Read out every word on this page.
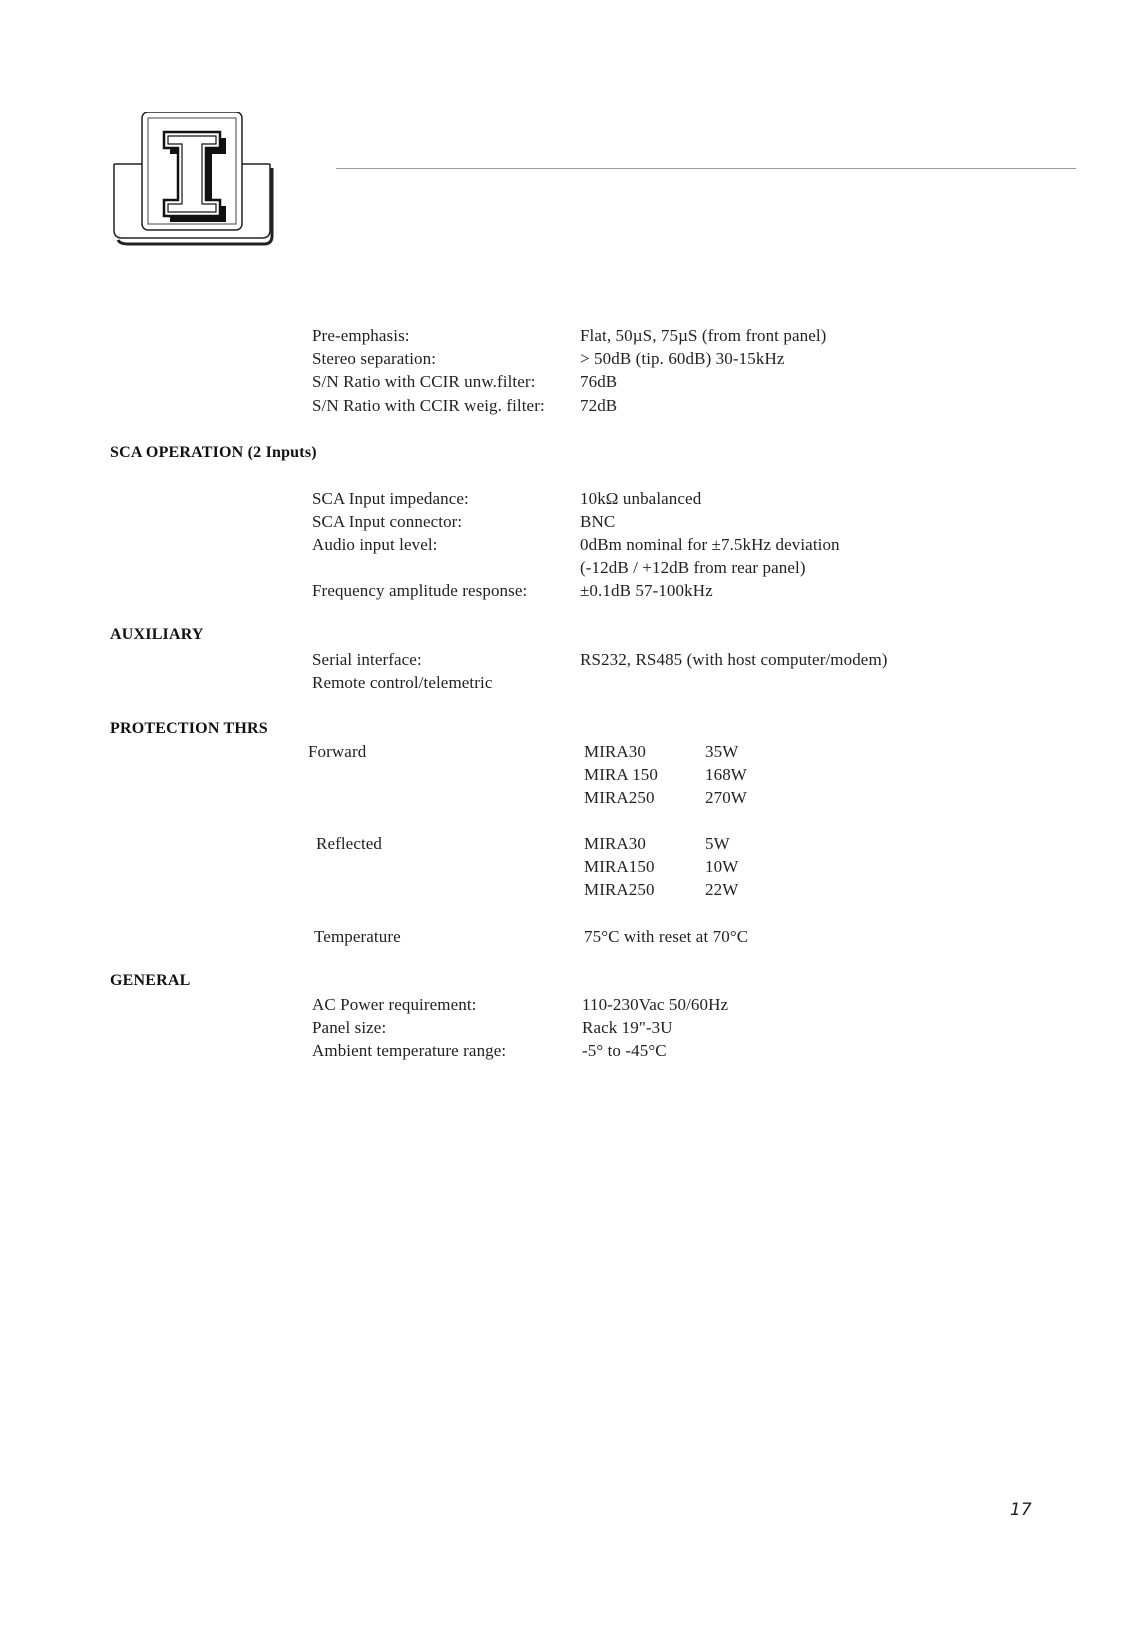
Pre-emphasis:	Flat, 50µS, 75µS (from front panel)
Stereo separation:	> 50dB (tip. 60dB) 30-15kHz
S/N Ratio with CCIR unw.filter:	76dB
S/N Ratio with CCIR weig. filter: 72dB
SCA OPERATION (2 Inputs)
SCA Input impedance:	10kΩ unbalanced
SCA Input connector:	BNC
Audio input level:	0dBm nominal for ±7.5kHz deviation
(-12dB / +12dB from rear panel)
Frequency amplitude response:	±0.1dB 57-100kHz
AUXILIARY
Serial interface:	RS232, RS485 (with host computer/modem)
Remote control/telemetric
PROTECTION THRS
Forward	MIRA30	35W
MIRA 150	168W
MIRA250	270W
Reflected	MIRA30	5W
MIRA150	10W
MIRA250	22W
Temperature	75°C with reset at 70°C
GENERAL
AC Power requirement:	110-230Vac 50/60Hz
Panel size:	Rack 19"-3U
Ambient temperature range:	-5° to -45°C
17
